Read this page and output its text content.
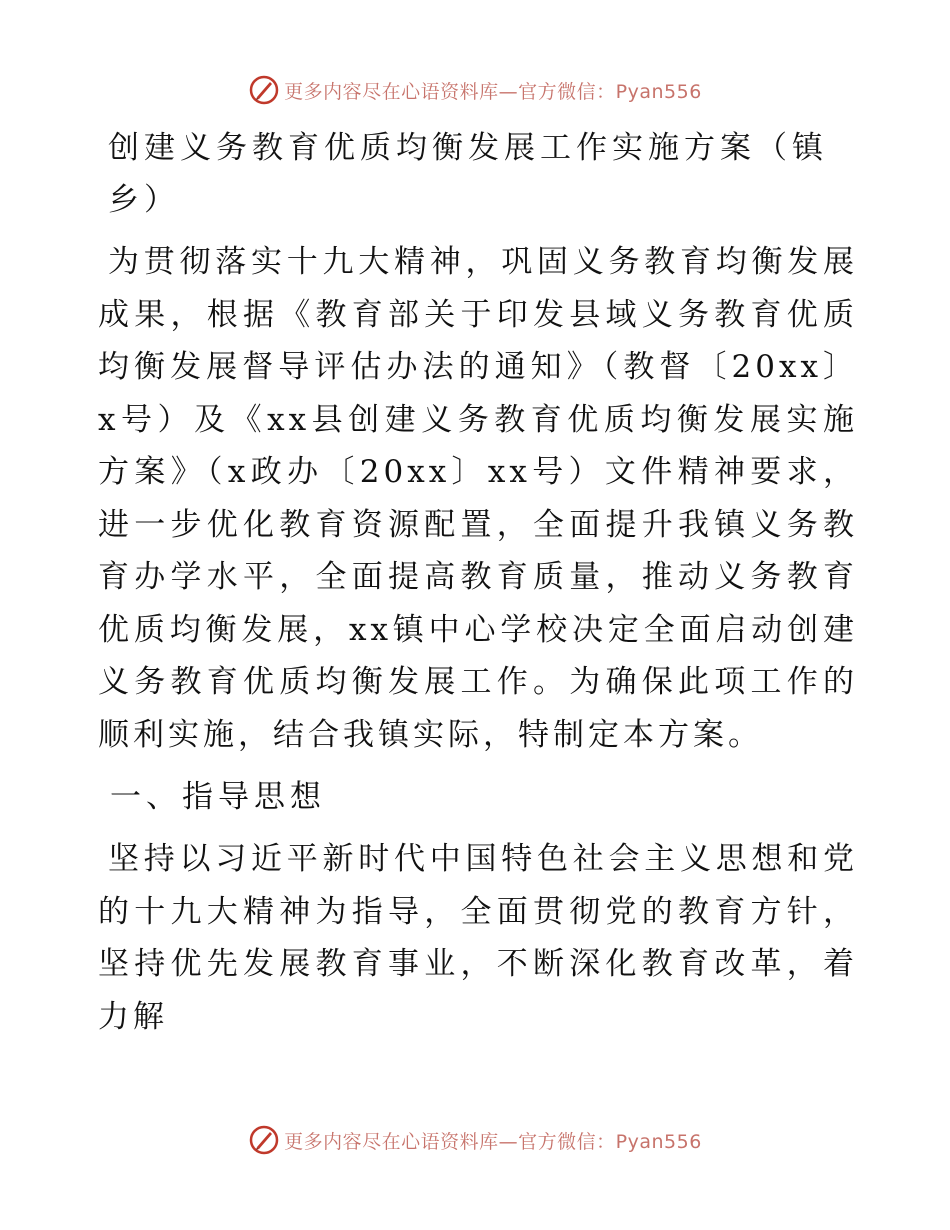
更多内容尽在心语资料库—官方微信：Pyan556
创建义务教育优质均衡发展工作实施方案（镇乡）
为贯彻落实十九大精神，巩固义务教育均衡发展成果，根据《教育部关于印发县域义务教育优质均衡发展督导评估办法的通知》（教督〔20xx〕x号）及《xx县创建义务教育优质均衡发展实施方案》（x政办〔20xx〕xx号）文件精神要求，进一步优化教育资源配置，全面提升我镇义务教育办学水平，全面提高教育质量，推动义务教育优质均衡发展，xx镇中心学校决定全面启动创建义务教育优质均衡发展工作。为确保此项工作的顺利实施，结合我镇实际，特制定本方案。
一、指导思想
坚持以习近平新时代中国特色社会主义思想和党的十九大精神为指导，全面贯彻党的教育方针，坚持优先发展教育事业，不断深化教育改革，着力解
更多内容尽在心语资料库—官方微信：Pyan556
